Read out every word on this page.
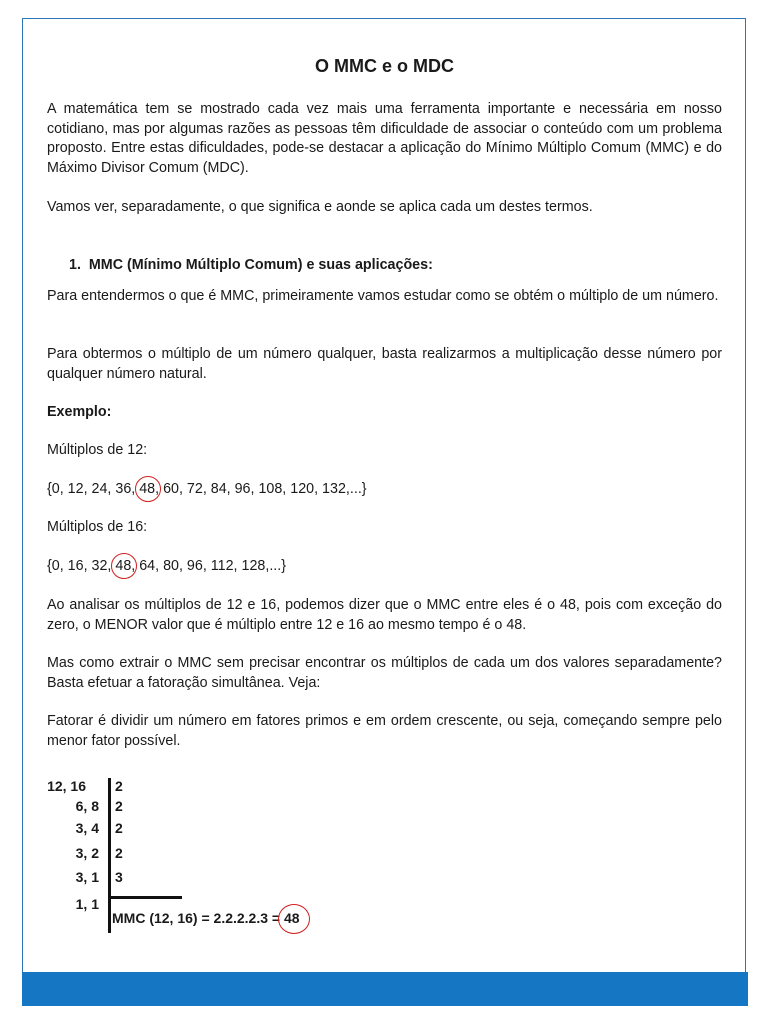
O MMC e o MDC

A matemática tem se mostrado cada vez mais uma ferramenta importante e necessária em nosso cotidiano, mas por algumas razões as pessoas têm dificuldade de associar o conteúdo com um problema proposto. Entre estas dificuldades, pode-se destacar a aplicação do Mínimo Múltiplo Comum (MMC) e do Máximo Divisor Comum (MDC).

Vamos ver, separadamente, o que significa e aonde se aplica cada um destes termos.

1. MMC (Mínimo Múltiplo Comum) e suas aplicações:

Para entendermos o que é MMC, primeiramente vamos estudar como se obtém o múltiplo de um número.

Para obtermos o múltiplo de um número qualquer, basta realizarmos a multiplicação desse número por qualquer número natural.

Exemplo:

Múltiplos de 12:

{0, 12, 24, 36, 48
, 60, 72, 84, 96, 108, 120, 132,...}

Múltiplos de 16:

{0, 16, 32, 48
, 64, 80, 96, 112, 128,...}

Ao analisar os múltiplos de 12 e 16, podemos dizer que o MMC entre eles é o 48, pois com exceção do zero, o MENOR valor que é múltiplo entre 12 e 16 ao mesmo tempo é o 48.

Mas como extrair o MMC sem precisar encontrar os múltiplos de cada um dos valores separadamente? Basta efetuar a fatoração simultânea. Veja:

Fatorar é dividir um número em fatores primos e em ordem crescente, ou seja, começando sempre pelo menor fator possível.

12, 16
6, 8
3, 4
3, 2
3, 1
1, 1
2
2
2
2
3
MMC (12, 16) = 2.2.2.2.3 = 48
